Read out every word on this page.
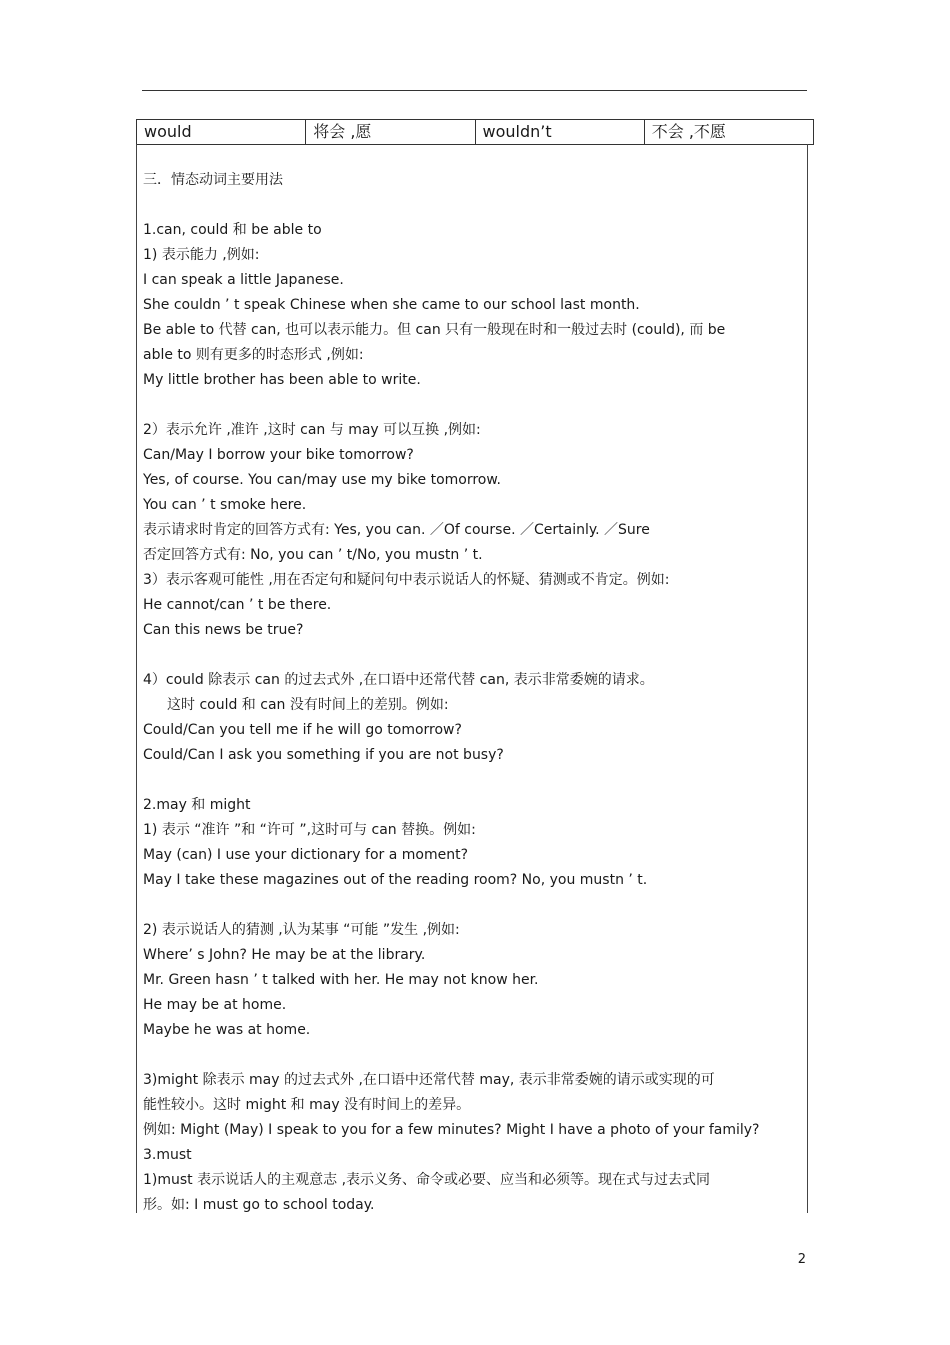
would	将会 ,愿	wouldn’t	不会 ,不愿
三．情态动词主要用法
1.can, could 和 be able to
1) 表示能力 ,例如:
I can speak a little Japanese.
She couldn ’ t speak Chinese when she came to our school last month.
Be able to 代替 can, 也可以表示能力。但 can 只有一般现在时和一般过去时 (could), 而 be
able to 则有更多的时态形式 ,例如:
My little brother has been able to write.
2）表示允许 ,准许 ,这时 can 与 may 可以互换 ,例如:
Can/May I borrow your bike tomorrow?
Yes, of course. You can/may use my bike tomorrow.
You can ’ t smoke here.
表示请求时肯定的回答方式有: Yes, you can. ／Of course. ／Certainly. ／Sure
否定回答方式有: No, you can ’ t/No, you mustn ’ t.
3）表示客观可能性 ,用在否定句和疑问句中表示说话人的怀疑、猜测或不肯定。例如:
He cannot/can ’ t be there.
Can this news be true?
4）could 除表示 can 的过去式外 ,在口语中还常代替 can, 表示非常委婉的请求。
这时 could 和 can 没有时间上的差别。例如:
Could/Can you tell me if he will go tomorrow?
Could/Can I ask you something if you are not busy?
2.may 和 might
1) 表示 “准许 ”和 “许可 ”,这时可与 can 替换。例如:
May (can) I use your dictionary for a moment?
May I take these magazines out of the reading room? No, you mustn ’ t.
2) 表示说话人的猜测 ,认为某事 “可能 ”发生 ,例如:
Where’ s John? He may be at the library.
Mr. Green hasn ’ t talked with her. He may not know her.
He may be at home.
Maybe he was at home.
3)might 除表示 may 的过去式外 ,在口语中还常代替 may, 表示非常委婉的请示或实现的可
能性较小。这时 might 和 may 没有时间上的差异。
例如: Might (May) I speak to you for a few minutes? Might I have a photo of your family?
3.must
1)must 表示说话人的主观意志 ,表示义务、命令或必要、应当和必须等。现在式与过去式同
形。如: I must go to school today.
2
